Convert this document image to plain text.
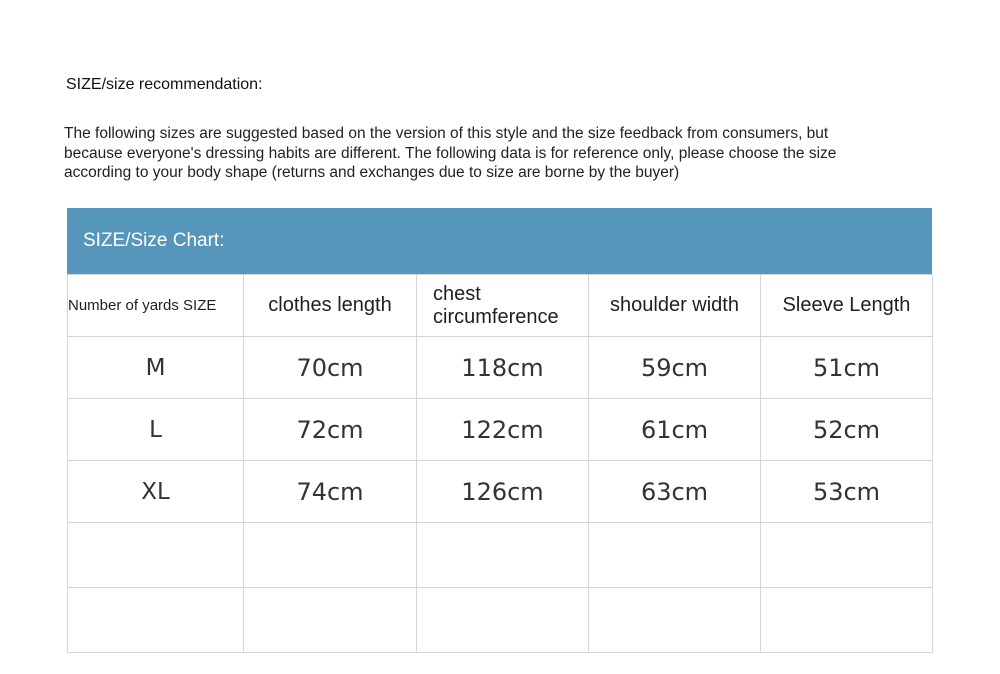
SIZE/size recommendation:
The following sizes are suggested based on the version of this style and the size feedback from consumers, but
because everyone's dressing habits are different. The following data is for reference only, please choose the size
according to your body shape (returns and exchanges due to size are borne by the buyer)
SIZE/Size Chart:
Number of yards SIZE	clothes length	chest
circumference	shoulder width	Sleeve Length
M	70cm	118cm	59cm	51cm
L	72cm	122cm	61cm	52cm
XL	74cm	126cm	63cm	53cm
